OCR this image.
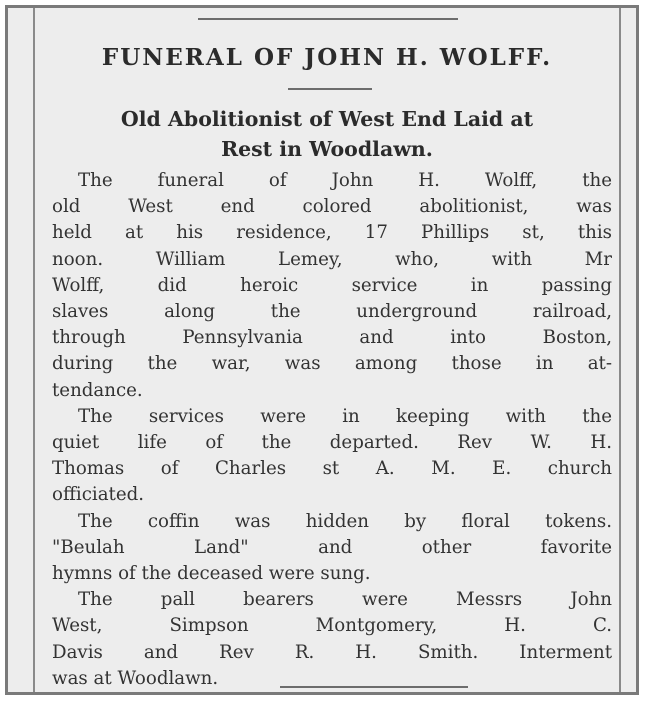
FUNERAL OF JOHN H. WOLFF.
Old Abolitionist of West End Laid at
Rest in Woodlawn.
The funeral of John H. Wolff, the
old West end colored abolitionist, was
held at his residence, 17 Phillips st, this
noon. William Lemey, who, with Mr
Wolff, did heroic service in passing
slaves along the underground railroad,
through Pennsylvania and into Boston,
during the war, was among those in at-
tendance.
The services were in keeping with the
quiet life of the departed. Rev W. H.
Thomas of Charles st A. M. E. church
officiated.
The coffin was hidden by floral tokens.
"Beulah Land" and other favorite
hymns of the deceased were sung.
The pall bearers were Messrs John
West, Simpson Montgomery, H. C.
Davis and Rev R. H. Smith. Interment
was at Woodlawn.
